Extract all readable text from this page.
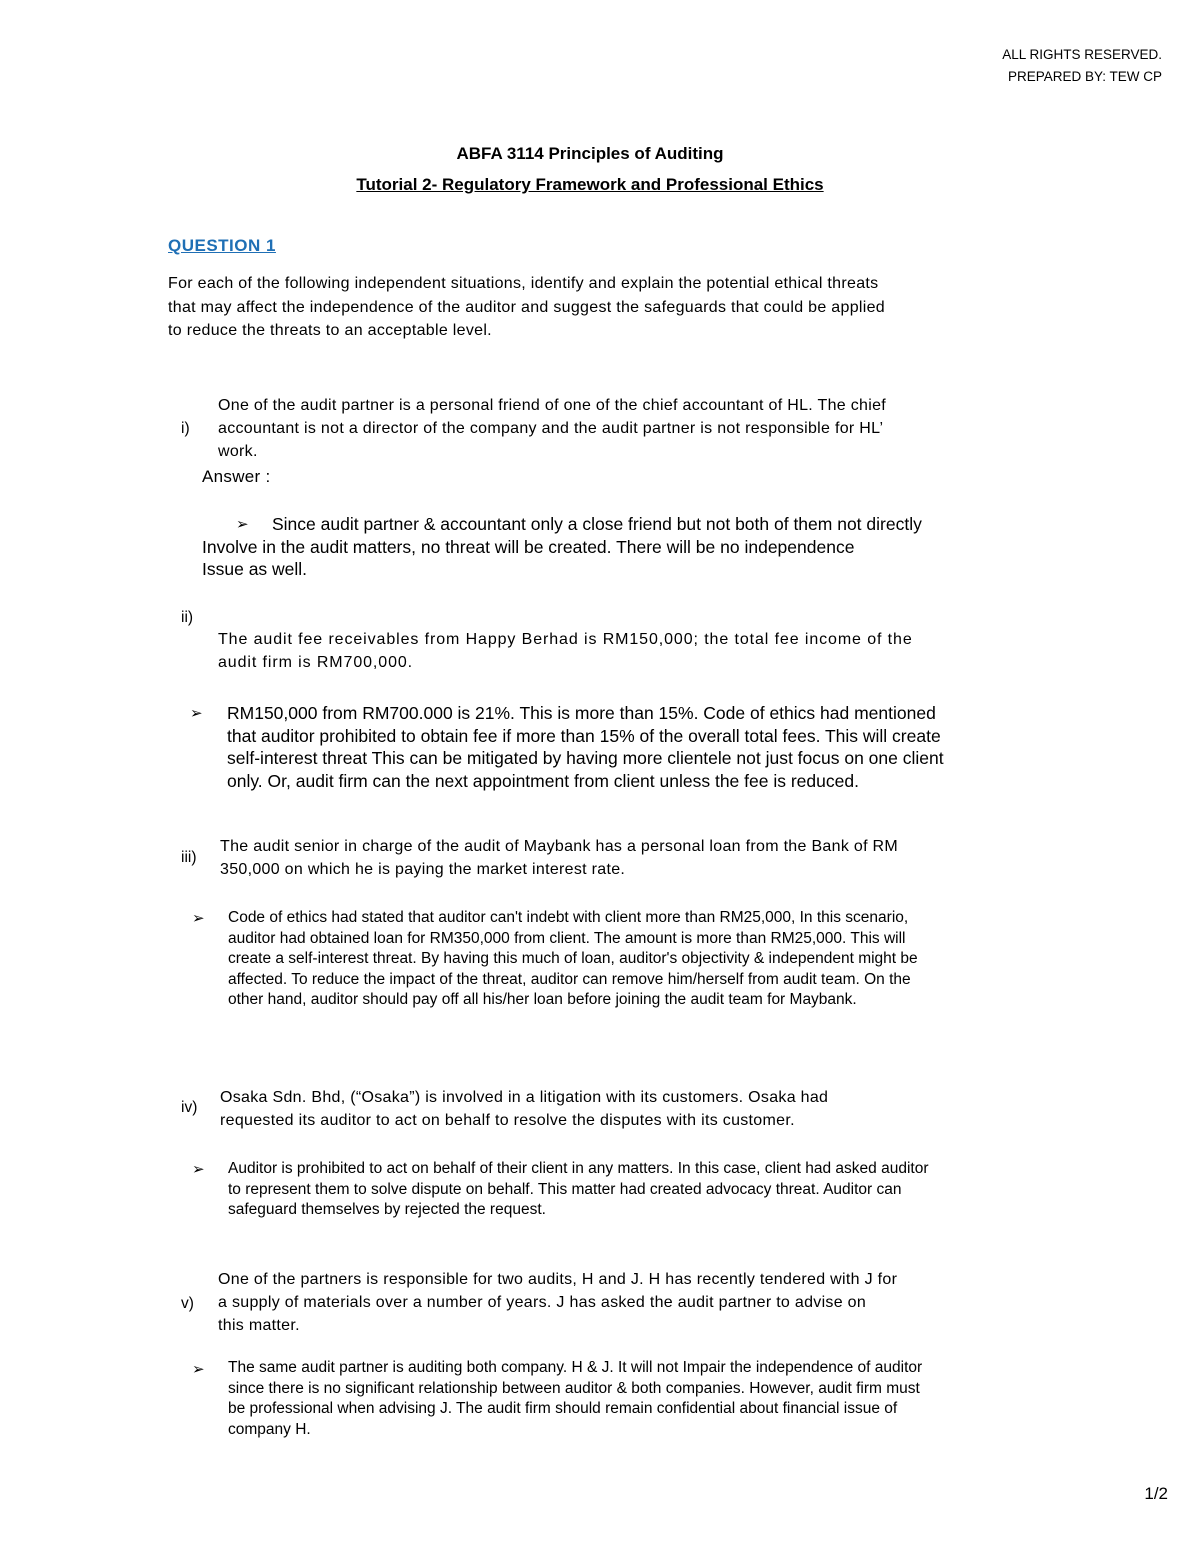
ALL RIGHTS RESERVED.
PREPARED BY: TEW CP
ABFA 3114 Principles of Auditing
Tutorial 2- Regulatory Framework and Professional Ethics
QUESTION 1
For each of the following independent situations, identify and explain the potential ethical threats
that may affect the independence of the auditor and suggest the safeguards that could be applied
to reduce the threats to an acceptable level.
i)
One of the audit partner is a personal friend of one of the chief accountant of HL. The chief
accountant is not a director of the company and the audit partner is not responsible for HL’
work.
Answer :
➢	Since audit partner & accountant only a close friend but not both of them not directly
Involve in the audit matters, no threat will be created. There will be no independence
Issue as well.
ii)
The audit fee receivables from Happy Berhad is RM150,000; the total fee income of the
audit firm is RM700,000.
➢ RM150,000 from RM700.000 is 21%. This is more than 15%. Code of ethics had mentioned
that auditor prohibited to obtain fee if more than 15% of the overall total fees. This will create
self-interest threat This can be mitigated by having more clientele not just focus on one client
only. Or, audit firm can the next appointment from client unless the fee is reduced.
iii)
The audit senior in charge of the audit of Maybank has a personal loan from the Bank of RM
350,000 on which he is paying the market interest rate.
➢ Code of ethics had stated that auditor can't indebt with client more than RM25,000, In this scenario,
auditor had obtained loan for RM350,000 from client. The amount is more than RM25,000. This will
create a self-interest threat. By having this much of loan, auditor's objectivity & independent might be
affected. To reduce the impact of the threat, auditor can remove him/herself from audit team. On the
other hand, auditor should pay off all his/her loan before joining the audit team for Maybank.
iv)
Osaka Sdn. Bhd, (“Osaka”) is involved in a litigation with its customers. Osaka had
requested its auditor to act on behalf to resolve the disputes with its customer.
➢ Auditor is prohibited to act on behalf of their client in any matters. In this case, client had asked auditor
to represent them to solve dispute on behalf. This matter had created advocacy threat. Auditor can
safeguard themselves by rejected the request.
v)
One of the partners is responsible for two audits, H and J. H has recently tendered with J for
a supply of materials over a number of years. J has asked the audit partner to advise on
this matter.
➢ The same audit partner is auditing both company. H & J. It will not Impair the independence of auditor
since there is no significant relationship between auditor & both companies. However, audit firm must
be professional when advising J. The audit firm should remain confidential about financial issue of
company H.
1/2
